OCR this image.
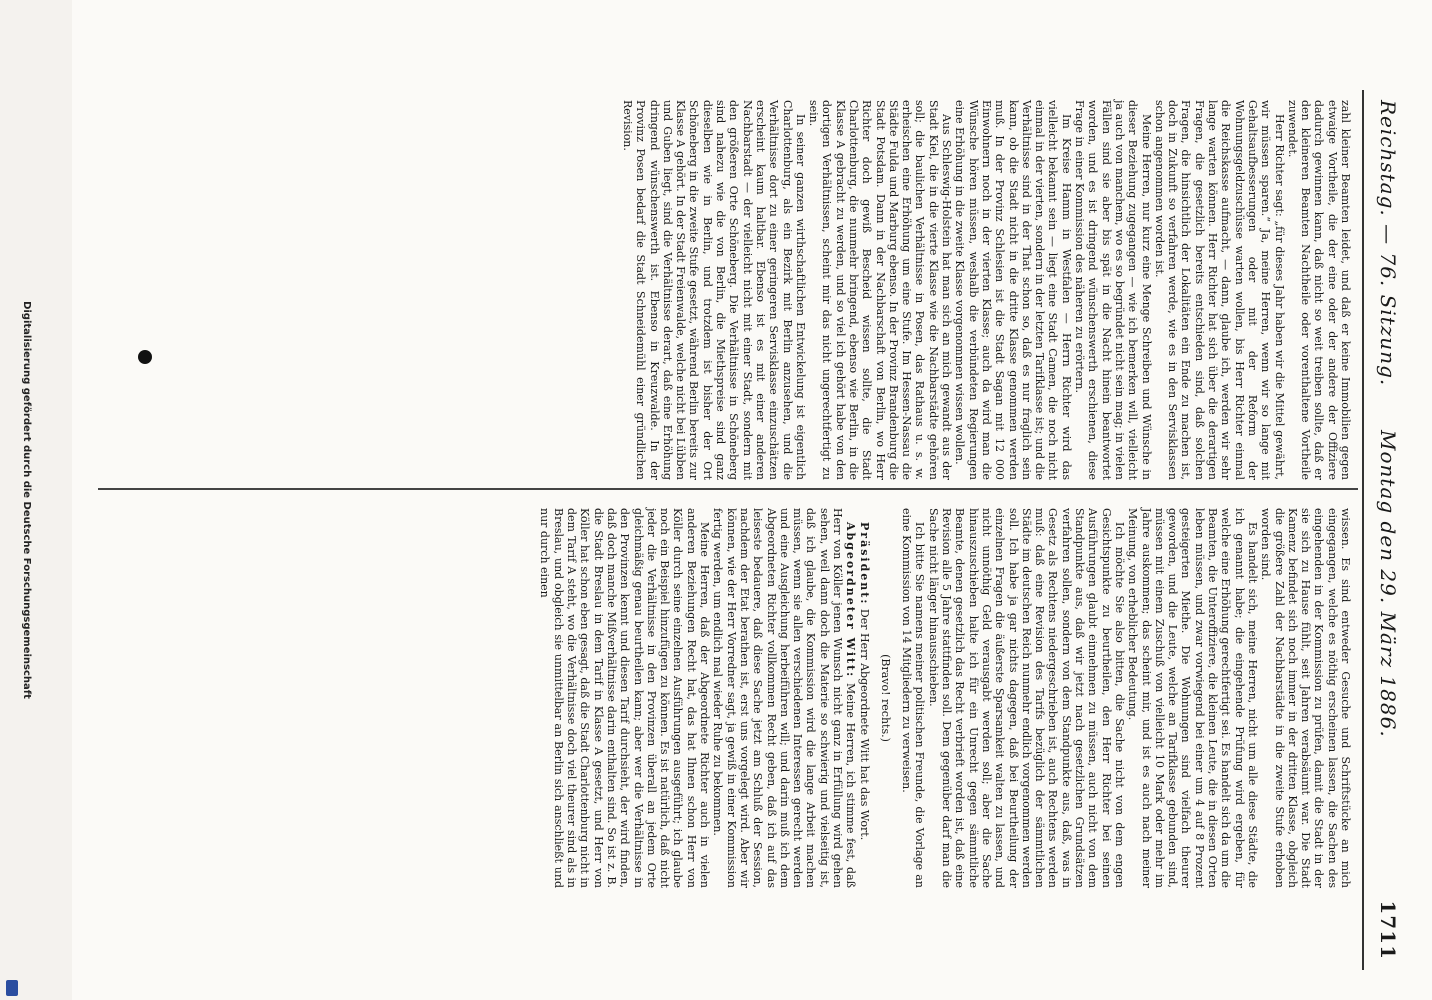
Reichstag. — 76. Sitzung.
Montag den 29. März 1886.
1711

zahl kleiner Beamten leidet, und daß er keine Immobilien gegen etwaige Vortheile, die der eine oder der andere der Offiziere dadurch gewinnen kann, daß nicht so weit treiben sollte, daß er den kleineren Beamten Nachtheile oder vorenthaltene Vortheile zuwendet.

Herr Richter sagt: „für dieses Jahr haben wir die Mittel gewährt, wir müssen sparen.“ Ja, meine Herren, wenn wir so lange mit Gehaltsaufbesserungen oder mit der Reform der Wohnungsgeldzuschüsse warten wollen, bis Herr Richter einmal die Reichskasse aufmacht, — dann, glaube ich, werden wir sehr lange warten können. Herr Richter hat sich über die derartigen Fragen, die gesetzlich bereits entschieden sind, daß solchen Fragen, die hinsichtlich der Lokalitäten ein Ende zu machen ist, doch in Zukunft so verfahren werde, wie es in den Servisklassen schon angenommen worden ist.

Meine Herren, nur kurz eine Menge Schreiben und Wünsche in dieser Beziehung zugegangen — wie ich bemerken will, vielleicht ja auch von manchem, wo es so begründet nicht sein mag; in vielen Fällen sind sie aber bis spät in die Nacht hinein beantwortet worden, und es ist dringend wünschenswerth erschienen, diese Frage in einer Kommission des näheren zu erörtern.

Im Kreise Hamm in Westfalen — Herrn Richter wird das vielleicht bekannt sein — liegt eine Stadt Camen, die noch nicht einmal in der vierten, sondern in der letzten Tarifklasse ist; und die Verhältnisse sind in der That schon so, daß es nur fraglich sein kann, ob die Stadt nicht in die dritte Klasse genommen werden muß. In der Provinz Schlesien ist die Stadt Sagan mit 12 000 Einwohnern noch in der vierten Klasse; auch da wird man die Wünsche hören müssen, weshalb die verbündeten Regierungen eine Erhöhung in die zweite Klasse vorgenommen wissen wollen.

Aus Schleswig-Holstein hat man sich an mich gewandt aus der Stadt Kiel, die in die vierte Klasse wie die Nachbarstädte gehören soll; die baulichen Verhältnisse in Posen, das Rathaus u. s. w. erheischen eine Erhöhung um eine Stufe. Im Hessen-Nassau die Städte Fulda und Marburg ebenso. In der Provinz Brandenburg die Stadt Potsdam. Dann in der Nachbarschaft von Berlin, wo Herr Richter doch gewiß Bescheid wissen sollte, die Stadt Charlottenburg, die nunmehr bringend, ebenso wie Berlin, in die Klasse A gebracht zu werden, und so viel ich gehört habe von den dortigen Verhältnissen, scheint mir das nicht ungerechtfertigt zu sein.

In seiner ganzen wirthschaftlichen Entwickelung ist eigentlich Charlottenburg, als ein Bezirk mit Berlin anzusehen, und die Verhältnisse dort zu einer geringeren Servisklasse einzuschätzen erscheint kaum haltbar. Ebenso ist es mit einer anderen Nachbarstadt — der vielleicht nicht mit einer Stadt, sondern mit den größeren Orte Schöneberg. Die Verhältnisse in Schöneberg sind nahezu wie die von Berlin, die Miethspreise sind ganz dieselben wie in Berlin, und trotzdem ist bisher der Ort Schöneberg in die zweite Stufe gesetzt, während Berlin bereits zur Klasse A gehört. In der Stadt Freienwalde, welche nicht bei Lübben und Guben liegt, sind die Verhältnisse derart, daß eine Erhöhung dringend wünschenswerth ist. Ebenso in Kreuzwalde. In der Provinz Posen bedarf die Stadt Schneidemühl einer gründlichen Revision.

wissen. Es sind entweder Gesuche und Schriftstücke an mich eingegangen, welche es nöthig erscheinen lassen, die Sachen des eingehenden in der Kommission zu prüfen, damit die Stadt in der sie sich zu Hause fühlt, seit Jahren verabsäumt war. Die Stadt Kamenz befindet sich noch immer in der dritten Klasse, obgleich die größere Zahl der Nachbarstädte in die zweite Stufe erhoben worden sind.

Es handelt sich, meine Herren, nicht um alle diese Städte, die ich genannt habe; die eingehende Prüfung wird ergeben, für welche eine Erhöhung gerechtfertigt sei. Es handelt sich da um die Beamten, die Unteroffiziere, die kleinen Leute, die in diesen Orten leben müssen, und zwar vorwiegend bei einer um 4 auf 8 Prozent gesteigerten Miethe. Die Wohnungen sind vielfach theurer geworden, und die Leute, welche an Tarifklasse gebunden sind, müssen mit einem Zuschuß von vielleicht 10 Mark oder mehr im Jahre auskommen; das scheint mir, und ist es auch nach meiner Meinung, von erheblicher Bedeutung.

Ich möchte Sie also bitten, die Sache nicht von dem engen Gesichtspunkte zu beurtheilen, den Herr Richter bei seinen Ausführungen glaubt einnehmen zu müssen, auch nicht von dem Standpunkte aus, daß wir jetzt nach gesetzlichen Grundsätzen verfahren sollen, sondern von dem Standpunkte aus, daß, was in Gesetz als Rechtens niedergeschrieben ist, auch Rechtens werden muß: daß eine Revision des Tarifs bezüglich der sämmtlichen Städte im deutschen Reich nunmehr endlich vorgenommen werden soll. Ich habe ja gar nichts dagegen, daß bei Beurtheilung der einzelnen Fragen die äußerste Sparsamkeit walten zu lassen, und nicht unnöthig Geld verausgabt werden soll; aber die Sache hinauszuschieben halte ich für ein Unrecht gegen sämmtliche Beamte, denen gesetzlich das Recht verbrieft worden ist, daß eine Revision alle 5 Jahre stattfinden soll. Dem gegenüber darf man die Sache nicht länger hinausschieben.

Ich bitte Sie namens meiner politischen Freunde, die Vorlage an eine Kommission von 14 Mitgliedern zu verweisen.

(Bravo! rechts.)

Präsident: Der Herr Abgeordnete Witt hat das Wort.

Abgeordneter Witt: Meine Herren, ich stimme fest, daß Herr von Köller jenen Wunsch nicht ganz in Erfüllung wird gehen sehen, weil dann doch die Materie so schwierig und vielseitig ist, daß ich glaube, die Kommission wird die lange Arbeit machen müssen, wenn sie allen verschiedenen Interessen gerecht werden und eine Ausgleichung herbeiführen will; und darin muß ich dem Abgeordneten Richter vollkommen Recht geben, daß ich auf das leiseste bedauere, daß diese Sache jetzt am Schluß der Session, nachdem der Etat berathen ist, erst uns vorgelegt wird. Aber wir können, wie der Herr Vorredner sagt, ja gewiß in einer Kommission fertig werden, um endlich mal wieder Ruhe zu bekommen.

Meine Herren, daß der Abgeordnete Richter auch in vielen anderen Beziehungen Recht hat, das hat Ihnen schon Herr von Köller durch seine einzelnen Ausführungen ausgeführt; ich glaube noch ein Beispiel hinzufügen zu können. Es ist natürlich, daß nicht jeder die Verhältnisse in den Provinzen überall an jedem Orte gleichmäßig genau beurtheilen kann; aber wer die Verhältnisse in den Provinzen kennt und diesen Tarif durchsieht, der wird finden, daß doch manche Mißverhältnisse darin enthalten sind. So ist z. B. die Stadt Breslau in dem Tarif in Klasse A gesetzt, und Herr von Köller hat schon eben gesagt, daß die Stadt Charlottenburg nicht in dem Tarif A steht, wo die Verhältnisse doch viel theurer sind als in Breslau, und obgleich sie unmittelbar an Berlin sich anschließt und nur durch einen

Digitalisierung gefördert durch die Deutsche Forschungsgemeinschaft
